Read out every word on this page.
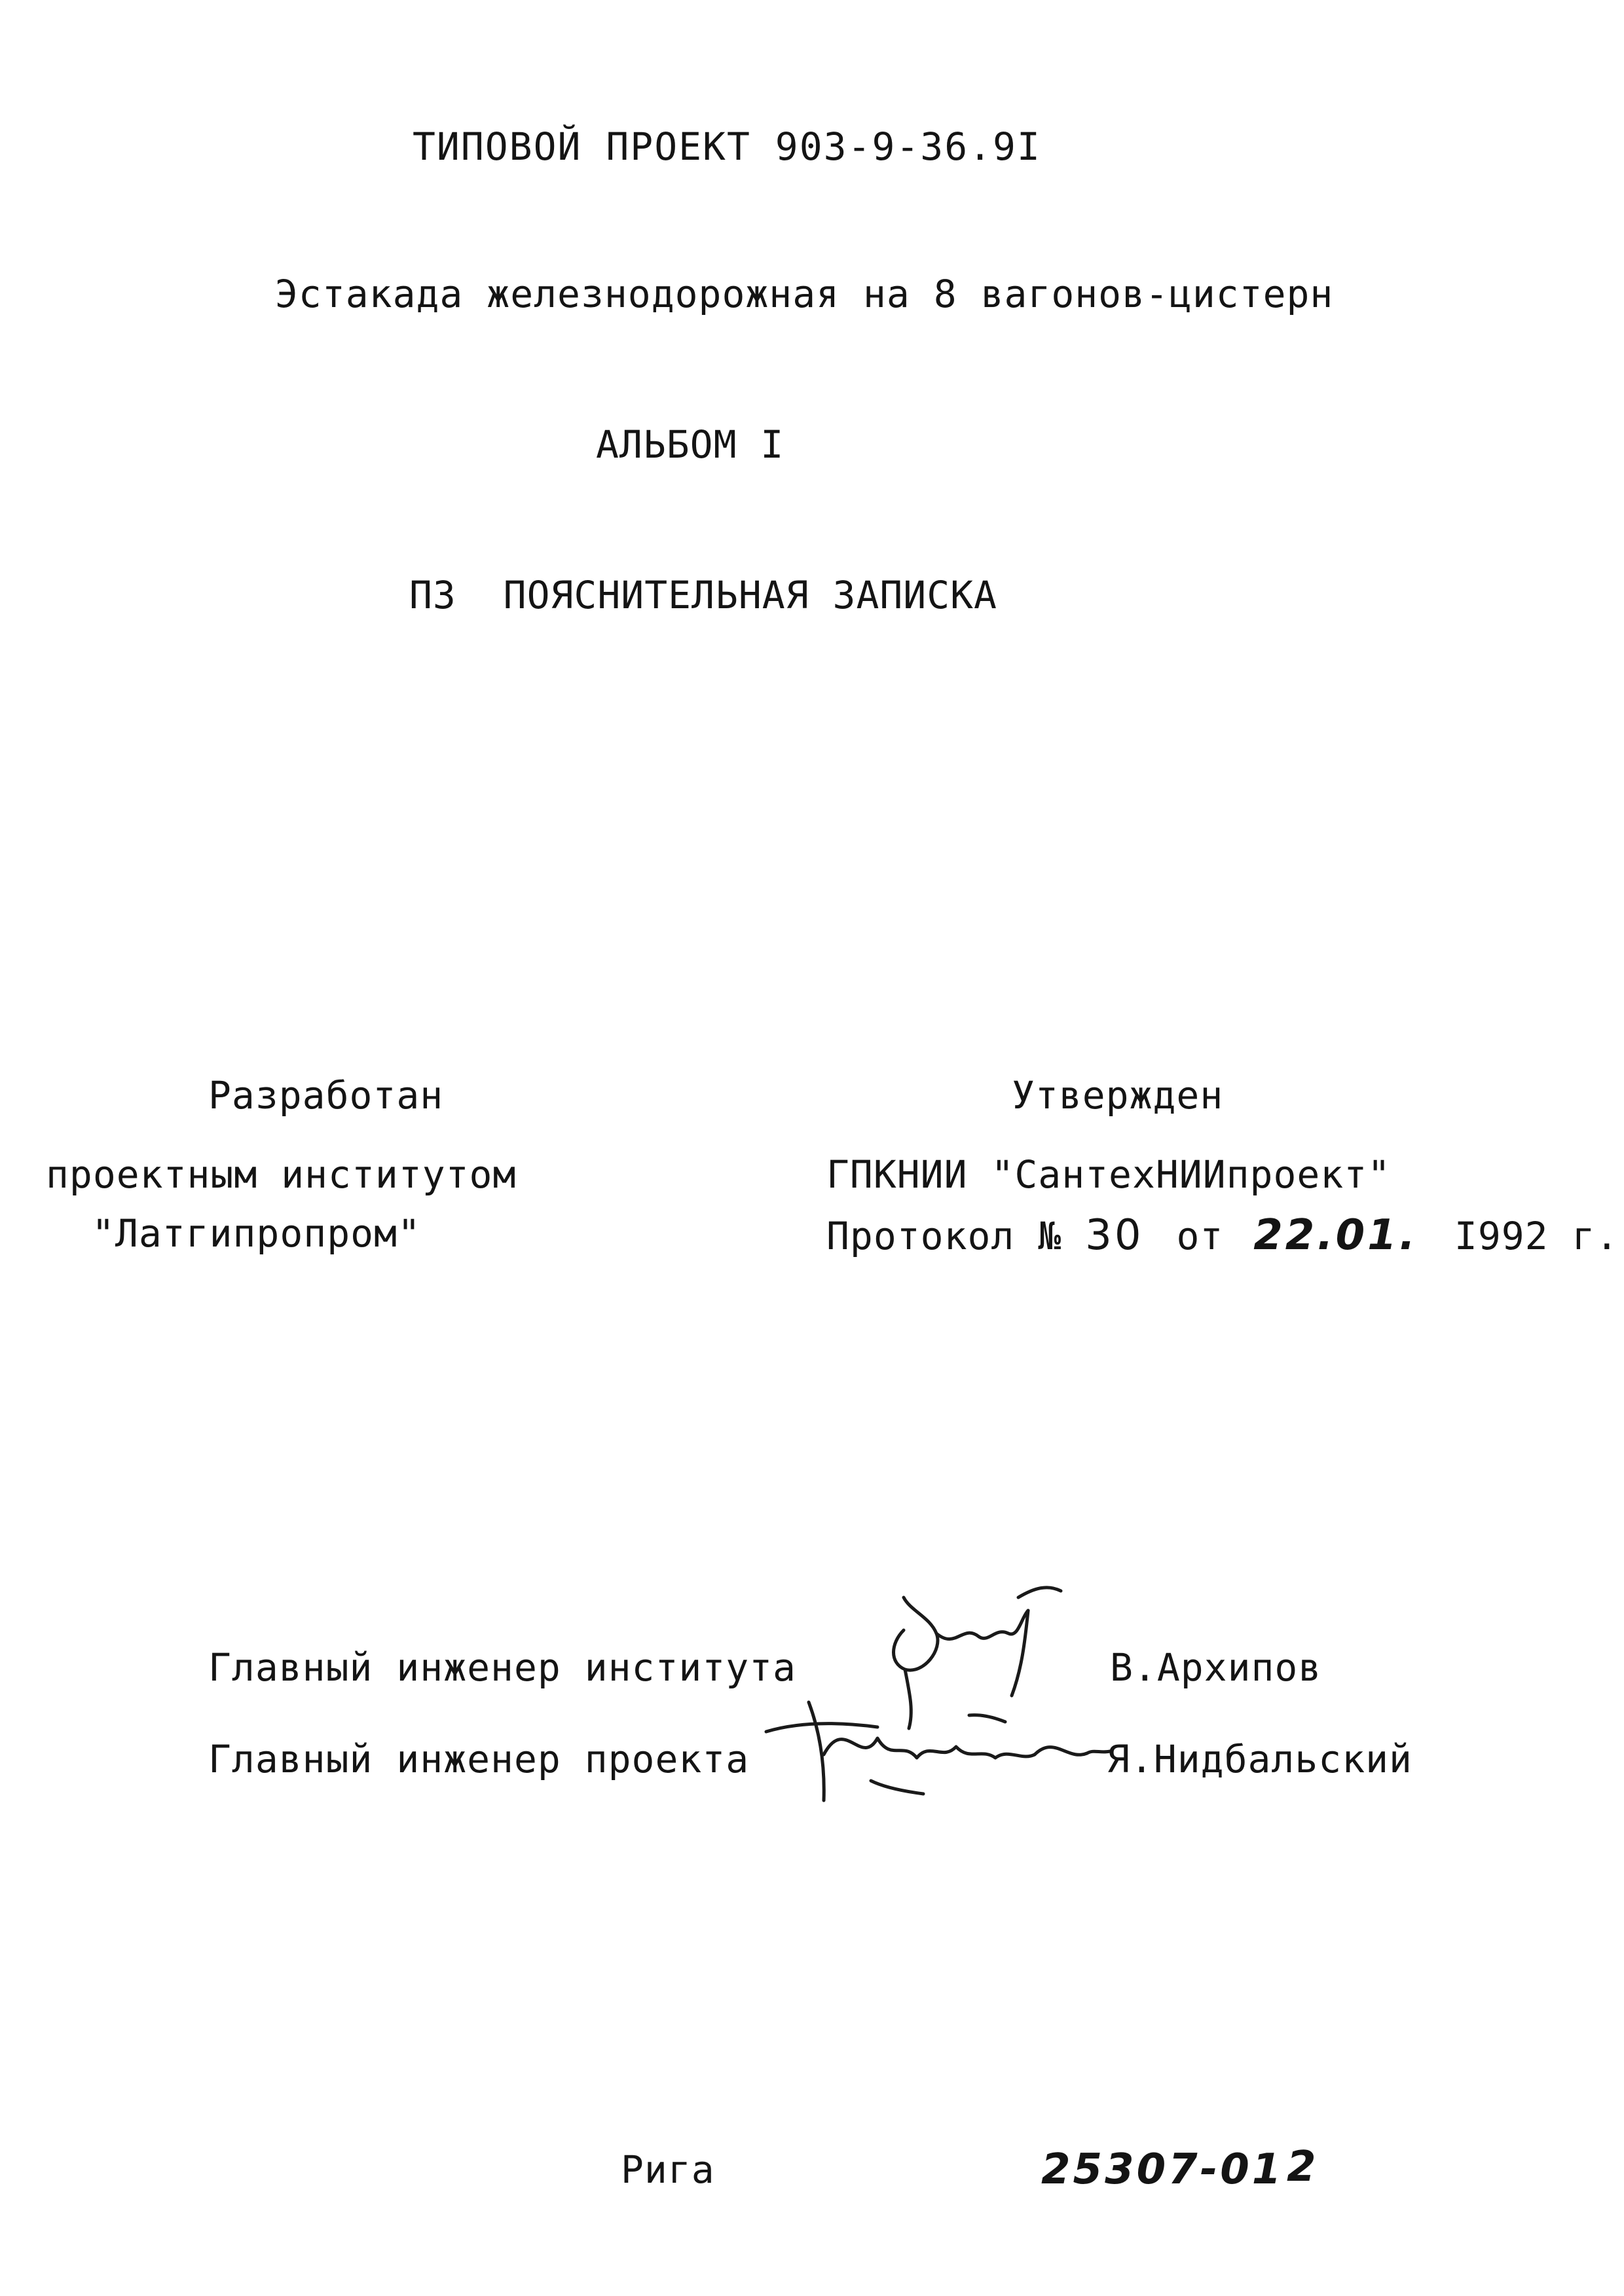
ТИПОВОЙ ПРОЕКТ 903-9-36.9I
Эстакада железнодорожная на 8 вагонов-цистерн
АЛЬБОМ I
ПЗ  ПОЯСНИТЕЛЬНАЯ ЗАПИСКА
Разработан
проектным институтом
"Латгипропром"
Утвержден
ГПКНИИ "СантехНИИпроект"
Протокол № 30 от 22.01. I992 г.
Главный инженер института	В.Архипов
Главный инженер проекта	Я.Нидбальский
Рига	25307-01 2
